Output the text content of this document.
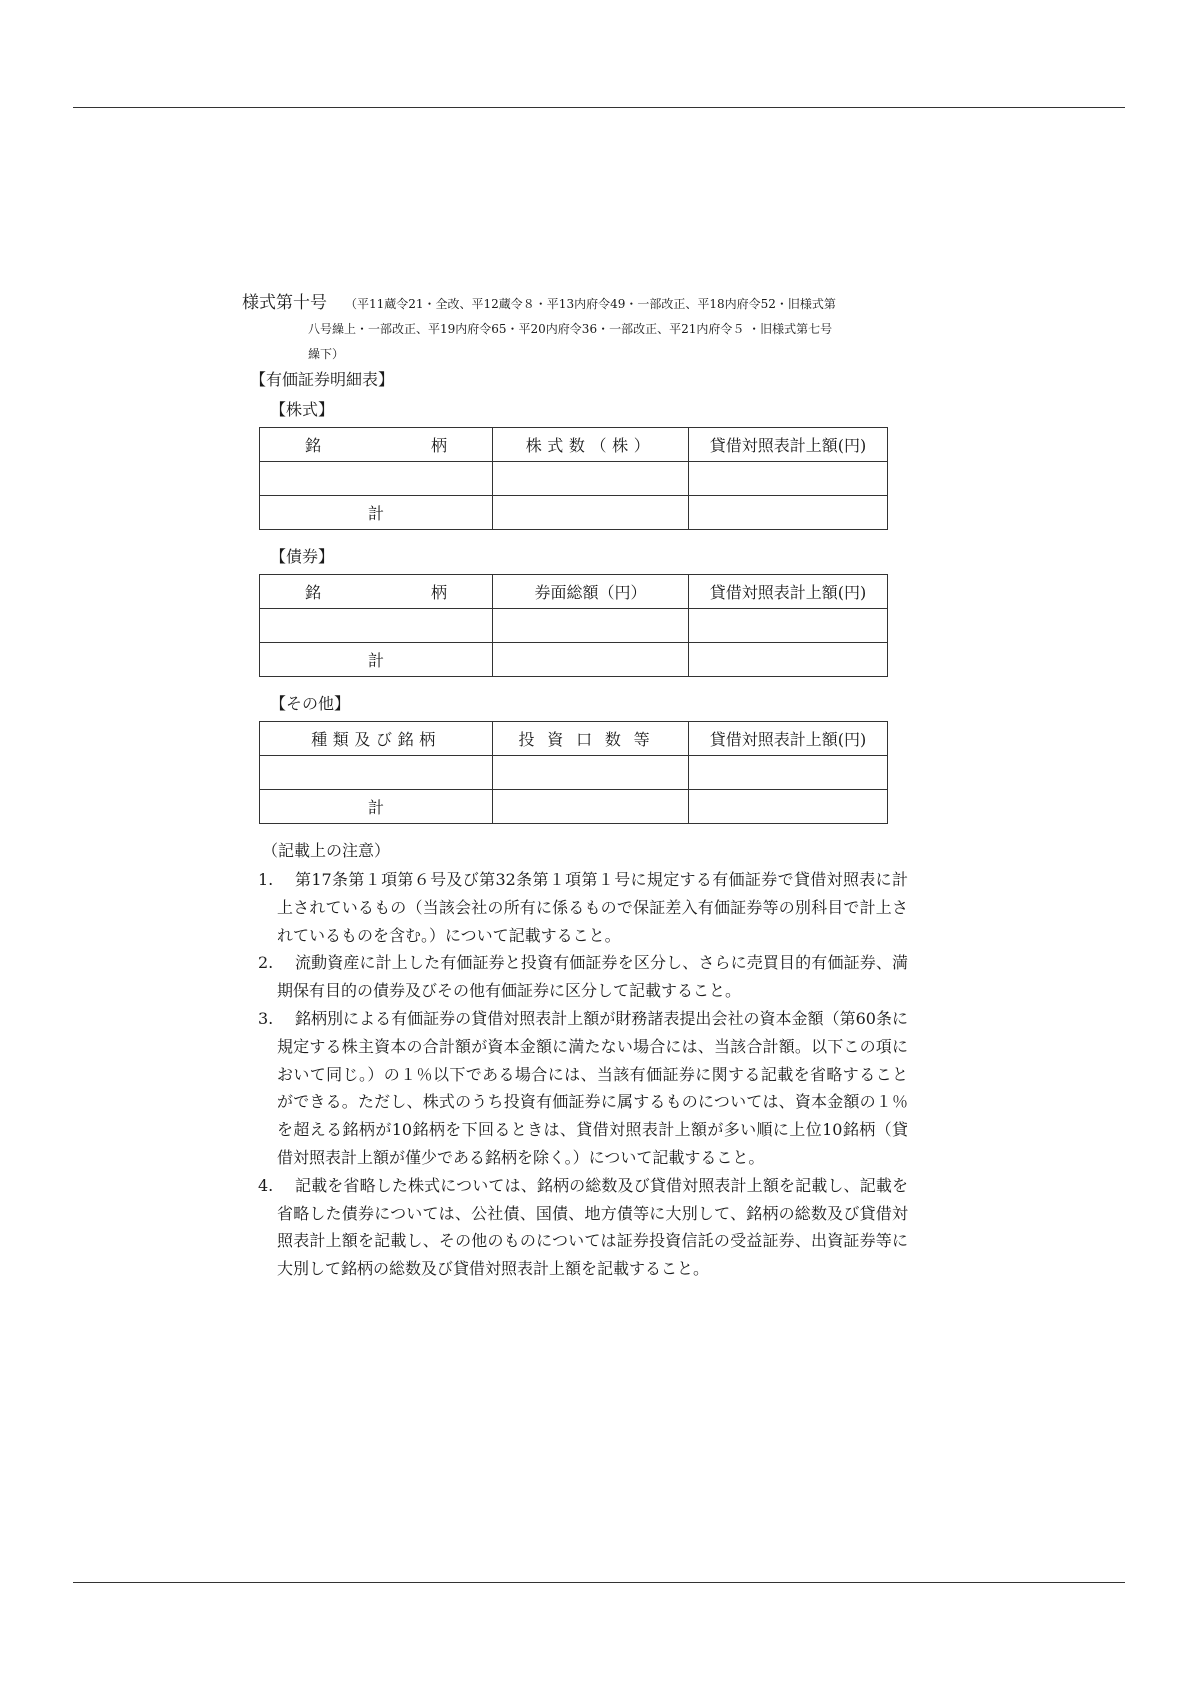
様式第十号 （平11蔵令21・全改、平12蔵令８・平13内府令49・一部改正、平18内府令52・旧様式第
八号繰上・一部改正、平19内府令65・平20内府令36・一部改正、平21内府令５ ・旧様式第七号
繰下）
【有価証券明細表】
【株式】
銘 柄	株式数（株）	貸借対照表計上額(円)

計		
【債券】
銘 柄	券面総額（円）	貸借対照表計上額(円)

計		
【その他】
種類及び銘柄	投資口数等	貸借対照表計上額(円)

計		
（記載上の注意）
1.	第17条第１項第６号及び第32条第１項第１号に規定する有価証券で貸借対照表に計上されているもの（当該会社の所有に係るもので保証差入有価証券等の別科目で計上されているものを含む。）について記載すること。
2.	流動資産に計上した有価証券と投資有価証券を区分し、さらに売買目的有価証券、満期保有目的の債券及びその他有価証券に区分して記載すること。
3.	銘柄別による有価証券の貸借対照表計上額が財務諸表提出会社の資本金額（第60条に規定する株主資本の合計額が資本金額に満たない場合には、当該合計額。以下この項において同じ。）の１％以下である場合には、当該有価証券に関する記載を省略することができる。ただし、株式のうち投資有価証券に属するものについては、資本金額の１％を超える銘柄が10銘柄を下回るときは、貸借対照表計上額が多い順に上位10銘柄（貸借対照表計上額が僅少である銘柄を除く。）について記載すること。
4.	記載を省略した株式については、銘柄の総数及び貸借対照表計上額を記載し、記載を省略した債券については、公社債、国債、地方債等に大別して、銘柄の総数及び貸借対照表計上額を記載し、その他のものについては証券投資信託の受益証券、出資証券等に大別して銘柄の総数及び貸借対照表計上額を記載すること。
